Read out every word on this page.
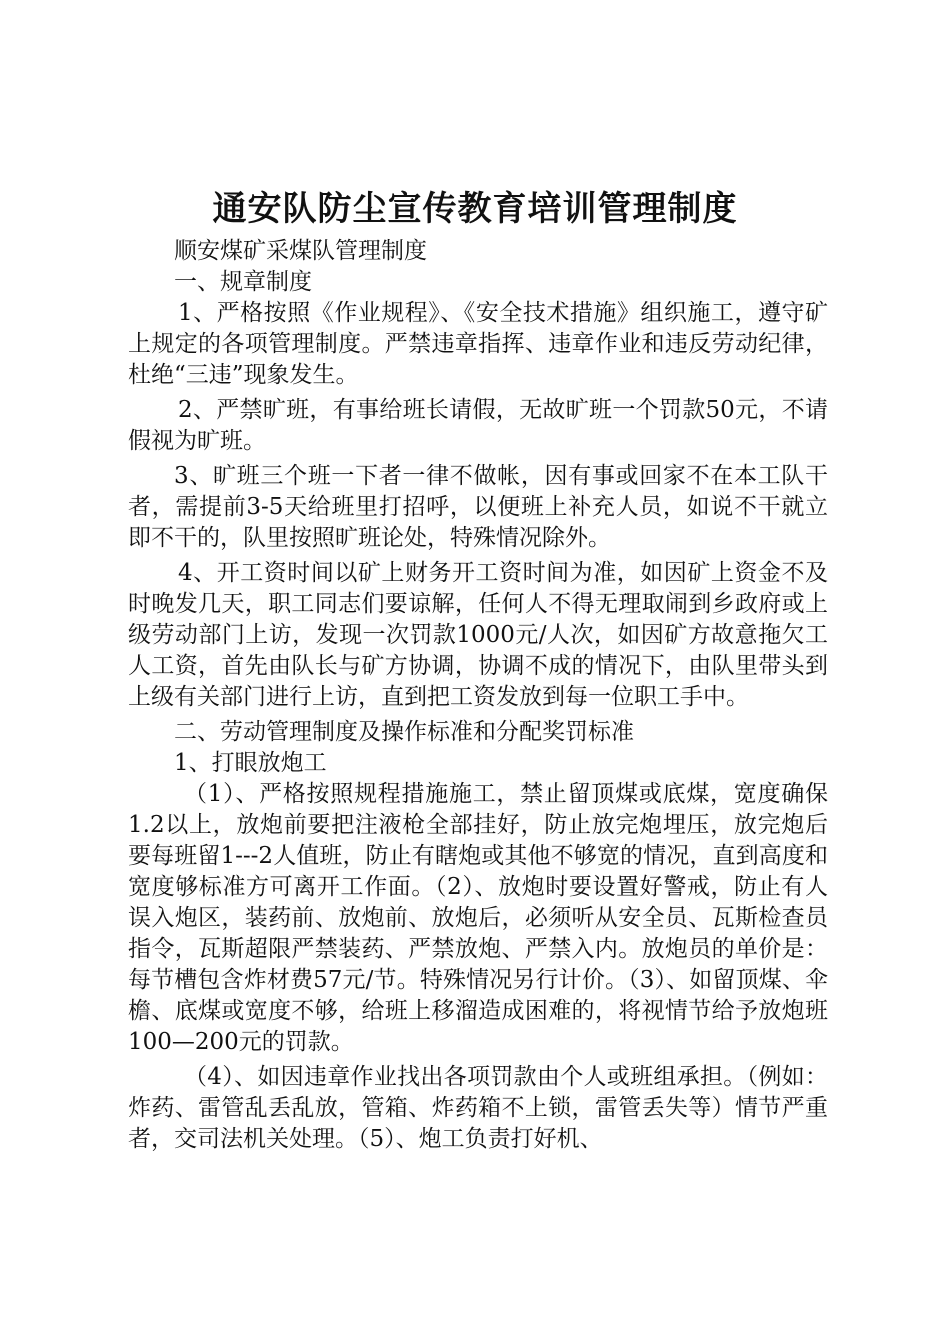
通安队防尘宣传教育培训管理制度

顺安煤矿采煤队管理制度

一、规章制度

1、严格按照《作业规程》、《安全技术措施》组织施工，遵守矿上规定的各项管理制度。严禁违章指挥、违章作业和违反劳动纪律，杜绝“三违”现象发生。

2、严禁旷班，有事给班长请假，无故旷班一个罚款50元，不请假视为旷班。

3、旷班三个班一下者一律不做帐，因有事或回家不在本工队干者，需提前3-5天给班里打招呼，以便班上补充人员，如说不干就立即不干的，队里按照旷班论处，特殊情况除外。

4、开工资时间以矿上财务开工资时间为准，如因矿上资金不及时晚发几天，职工同志们要谅解，任何人不得无理取闹到乡政府或上级劳动部门上访，发现一次罚款1000元/人次，如因矿方故意拖欠工人工资，首先由队长与矿方协调，协调不成的情况下，由队里带头到上级有关部门进行上访，直到把工资发放到每一位职工手中。

二、劳动管理制度及操作标准和分配奖罚标准

1、打眼放炮工

（1）、严格按照规程措施施工，禁止留顶煤或底煤，宽度确保1.2以上，放炮前要把注液枪全部挂好，防止放完炮埋压，放完炮后要每班留1---2人值班，防止有瞎炮或其他不够宽的情况，直到高度和宽度够标准方可离开工作面。（2）、放炮时要设置好警戒，防止有人误入炮区，装药前、放炮前、放炮后，必须听从安全员、瓦斯检查员指令，瓦斯超限严禁装药、严禁放炮、严禁入内。放炮员的单价是：每节槽包含炸材费57元/节。特殊情况另行计价。（3）、如留顶煤、伞檐、底煤或宽度不够，给班上移溜造成困难的，将视情节给予放炮班100—200元的罚款。

（4）、如因违章作业找出各项罚款由个人或班组承担。（例如：炸药、雷管乱丢乱放，管箱、炸药箱不上锁，雷管丢失等）情节严重者，交司法机关处理。（5）、炮工负责打好机、
